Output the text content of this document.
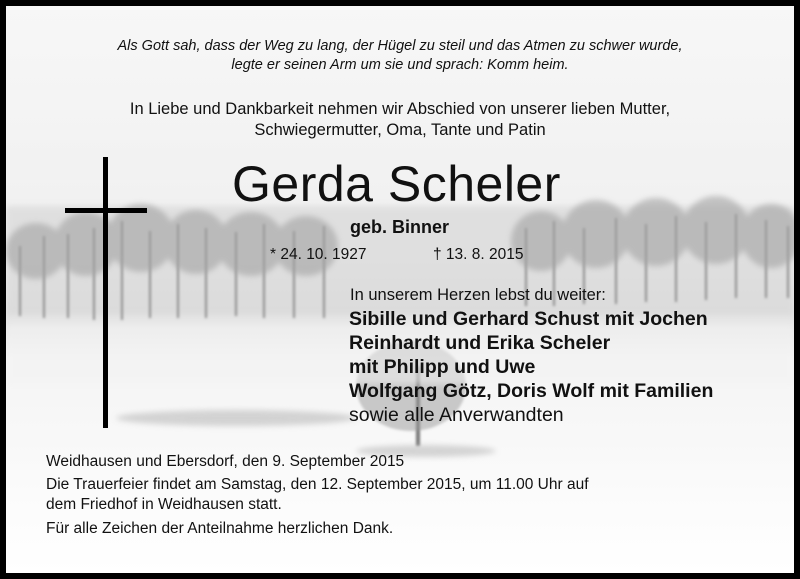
Als Gott sah, dass der Weg zu lang, der Hügel zu steil und das Atmen zu schwer wurde,
legte er seinen Arm um sie und sprach: Komm heim.
In Liebe und Dankbarkeit nehmen wir Abschied von unserer lieben Mutter,
Schwiegermutter, Oma, Tante und Patin
Gerda Scheler
geb. Binner
* 24. 10. 1927	† 13. 8. 2015
In unserem Herzen lebst du weiter:
Sibille und Gerhard Schust mit Jochen
Reinhardt und Erika Scheler
mit Philipp und Uwe
Wolfgang Götz, Doris Wolf mit Familien
sowie alle Anverwandten
Weidhausen und Ebersdorf, den 9. September 2015
Die Trauerfeier findet am Samstag, den 12. September 2015, um 11.00 Uhr auf
dem Friedhof in Weidhausen statt.
Für alle Zeichen der Anteilnahme herzlichen Dank.
